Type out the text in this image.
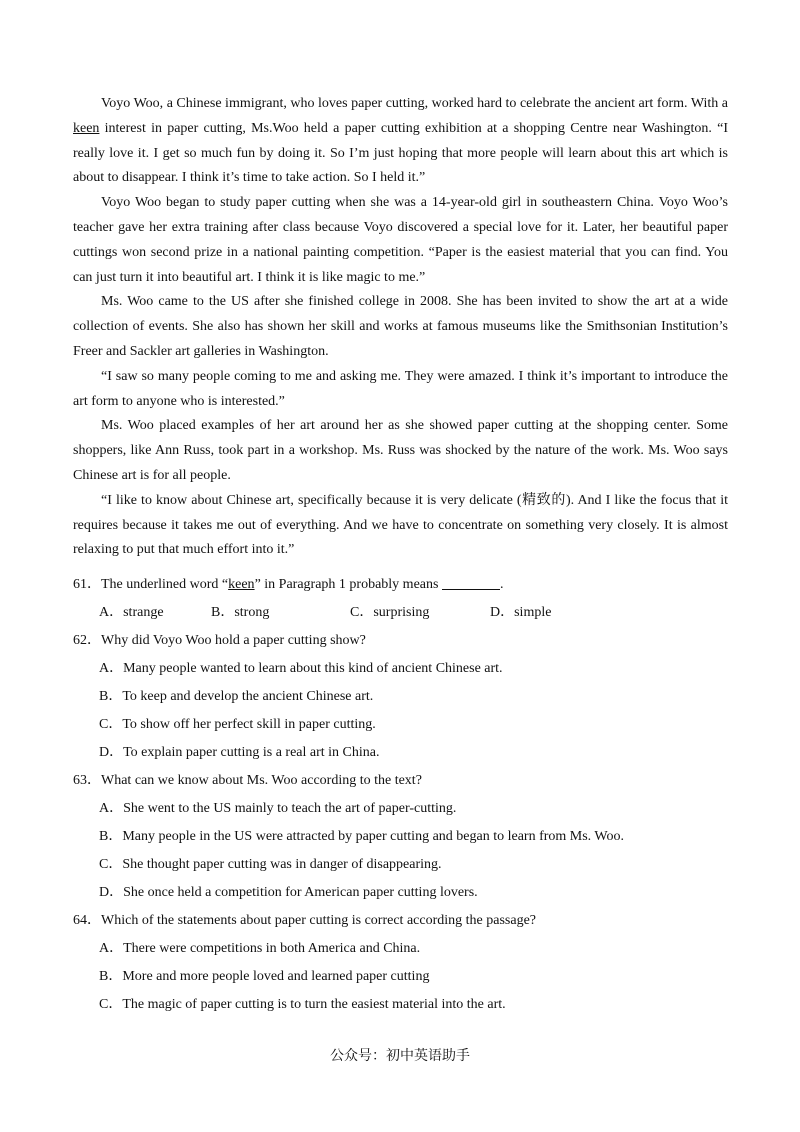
Voyo Woo, a Chinese immigrant, who loves paper cutting, worked hard to celebrate the ancient art form. With a keen interest in paper cutting, Ms.Woo held a paper cutting exhibition at a shopping Centre near Washington. “I really love it. I get so much fun by doing it. So I’m just hoping that more people will learn about this art which is about to disappear. I think it’s time to take action. So I held it.”

Voyo Woo began to study paper cutting when she was a 14-year-old girl in southeastern China. Voyo Woo’s teacher gave her extra training after class because Voyo discovered a special love for it. Later, her beautiful paper cuttings won second prize in a national painting competition. “Paper is the easiest material that you can find. You can just turn it into beautiful art. I think it is like magic to me.”

Ms. Woo came to the US after she finished college in 2008. She has been invited to show the art at a wide collection of events. She also has shown her skill and works at famous museums like the Smithsonian Institution’s Freer and Sackler art galleries in Washington.

“I saw so many people coming to me and asking me. They were amazed. I think it’s important to introduce the art form to anyone who is interested.”

Ms. Woo placed examples of her art around her as she showed paper cutting at the shopping center. Some shoppers, like Ann Russ, took part in a workshop. Ms. Russ was shocked by the nature of the work. Ms. Woo says Chinese art is for all people.

“I like to know about Chinese art, specifically because it is very delicate (精致的). And I like the focus that it requires because it takes me out of everything. And we have to concentrate on something very closely. It is almost relaxing to put that much effort into it.”

61．The underlined word “keen” in Paragraph 1 probably means	.
A．strange	B．strong	C．surprising	D．simple
62．Why did Voyo Woo hold a paper cutting show?
A．Many people wanted to learn about this kind of ancient Chinese art.
B．To keep and develop the ancient Chinese art.
C．To show off her perfect skill in paper cutting.
D．To explain paper cutting is a real art in China.
63．What can we know about Ms. Woo according to the text?
A．She went to the US mainly to teach the art of paper-cutting.
B．Many people in the US were attracted by paper cutting and began to learn from Ms. Woo.
C．She thought paper cutting was in danger of disappearing.
D．She once held a competition for American paper cutting lovers.
64．Which of the statements about paper cutting is correct according the passage?
A．There were competitions in both America and China.
B．More and more people loved and learned paper cutting
C．The magic of paper cutting is to turn the easiest material into the art.
公众号：初中英语助手
